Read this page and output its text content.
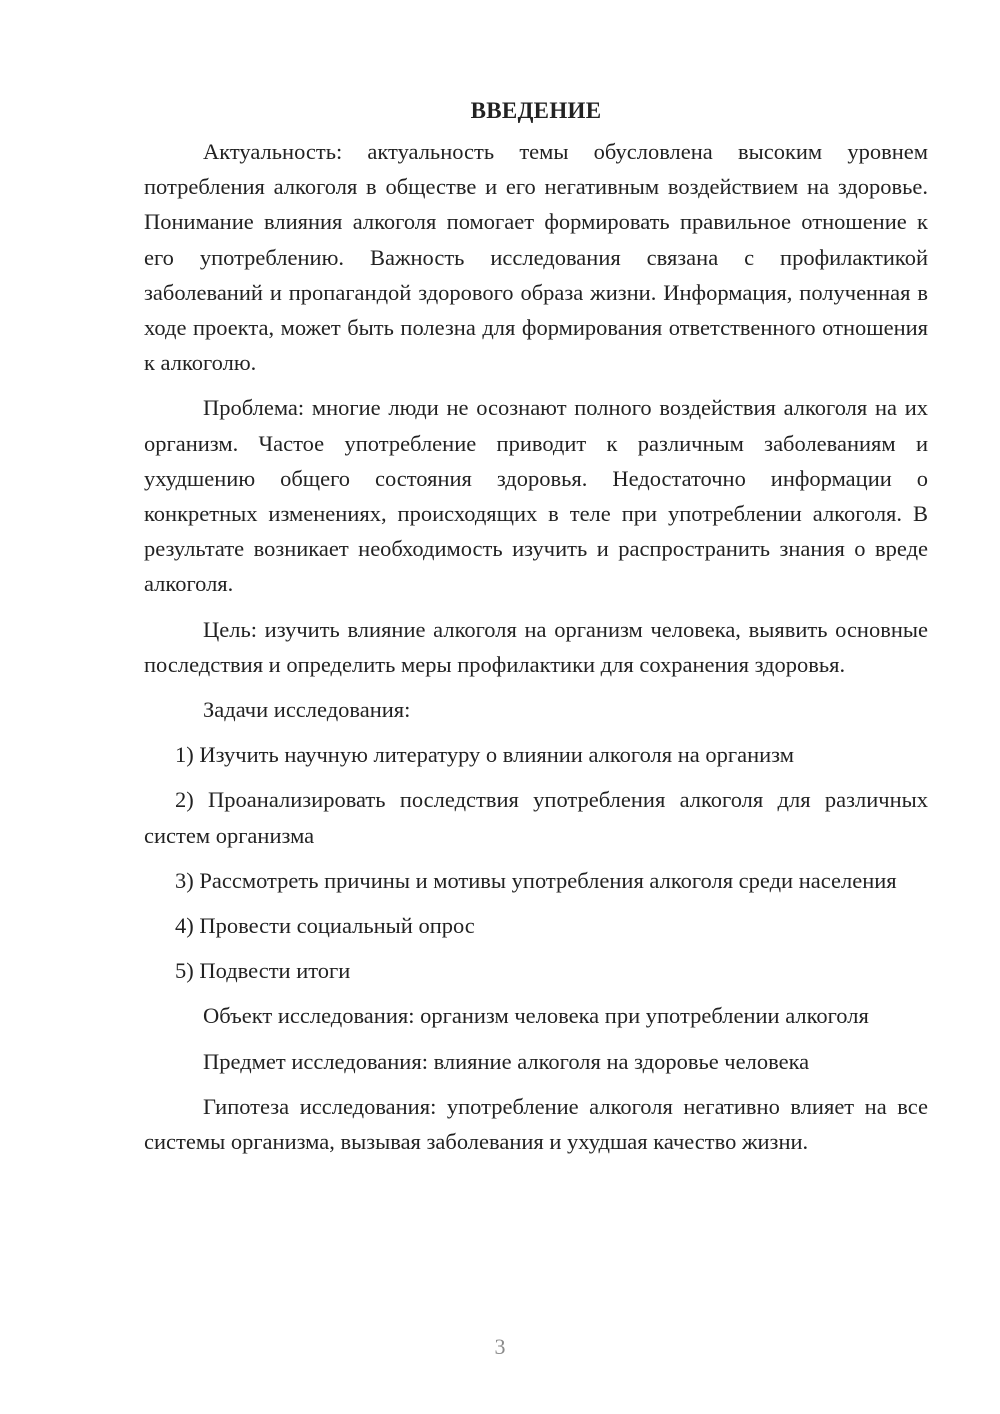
ВВЕДЕНИЕ

Актуальность: актуальность темы обусловлена высоким уровнем потребления алкоголя в обществе и его негативным воздействием на здоровье. Понимание влияния алкоголя помогает формировать правильное отношение к его употреблению. Важность исследования связана с профилактикой заболеваний и пропагандой здорового образа жизни. Информация, полученная в ходе проекта, может быть полезна для формирования ответственного отношения к алкоголю.

Проблема: многие люди не осознают полного воздействия алкоголя на их организм. Частое употребление приводит к различным заболеваниям и ухудшению общего состояния здоровья. Недостаточно информации о конкретных изменениях, происходящих в теле при употреблении алкоголя. В результате возникает необходимость изучить и распространить знания о вреде алкоголя.

Цель: изучить влияние алкоголя на организм человека, выявить основные последствия и определить меры профилактики для сохранения здоровья.

Задачи исследования:

1) Изучить научную литературу о влиянии алкоголя на организм

2) Проанализировать последствия употребления алкоголя для различных систем организма

3) Рассмотреть причины и мотивы употребления алкоголя среди населения

4) Провести социальный опрос

5) Подвести итоги

Объект исследования: организм человека при употреблении алкоголя

Предмет исследования: влияние алкоголя на здоровье человека

Гипотеза исследования: употребление алкоголя негативно влияет на все системы организма, вызывая заболевания и ухудшая качество жизни.

3
